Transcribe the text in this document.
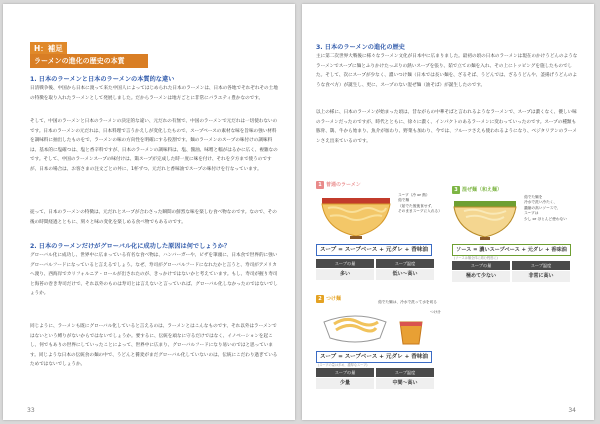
H：補足
ラーメンの進化の歴史の本質
1. 日本のラーメンと日本のラーメンの本質的な違い
日清戦争後、中国から日本に渡って来た中国人によってはじめられた日本のラーメンは、日本の各地でそれぞれその土地の特徴を取り入れたラーメンとして発展しました。だからラーメンは地方ごとに非常にバラエティ豊かなのです。
そして、中国のラーメンと日本のラーメンの決定的な違い、元だれの有無で、中国のラーメンで元だれは一切使わないのです。日本のラーメンの元だれは、日本料理で言うかえしが変化したもので、スープベースの素材な味を旨味の強い材料を調味料に抽出したものをで、ラーメンの味の方向性を明確にする役割です。麺のラーメンのスープの味付けの調味料は、基本的に塩確つは、塩と香辛料ですが、日本のラーメンの調味料は、塩、醤油、味噌と幅がはるかに広く、複雑なのです。そして、中国のラーメンスープの味付けは、鶏スープが完成した時一度に味を付け、それを夕方まで使うのですが、日本の場合は、お客さまの注文ごとの丼に、1杯ずつ、元だれと香味油でスープの味付けを行なっています。
従って、日本のラーメンの特徴は、元だれとスープが合わさった瞬間の鮮烈な味を楽しむ食べ物なのです。なので、その後の時間経過とともに、刻々と味の変化を楽しめる食べ物でもあるのです。
2. 日本のラーメンだけがグローバル化に成功した原因は何でしょうか？
グローバル化に成功し、世界中に広まっている有名な食べ物は、ハンバーガーや、ピザを筆頭に、日本食で世界的に強いグローバルフードになっていると言えるでしょう。なぜ、寿司がグローバルフードになれたかと言うと、寿司がアメリカへ渡り、西海岸でカリフォルニア・ロールが出されたのが、きっかけではないかと考えています。もし、寿司が握り寿司と海苔の巻き寿司だけで、それ以外のものは寿司とは言えないと言っていれば、グローバル化しなかったのではないでしょうか。
同じように、ラーメンも既にグローバル化していると言えるのは、ラーメンとはこんなものです、それ以外はラーメンではないという縛りがないからではないでしょうか。要するに、伝統を頑なに守るだけではなく、イノベーションを起こし、何でもありの世界にしていったことによって、世界中に広まり、グローバルフードになり易いのではと思っています。同じような日本の伝統食の麺の中で、うどんと蕎麦がまだグローバル化していないのは、伝統にこだわり過ぎているためではないでしょうか。
33
3. 日本のラーメンの進化の歴史
主に第二次世界大戦後に様々なラーメン文化が日本中に広まりました。最初の頃の日本のラーメンは現在のかけうどんのようなラーメンでスープに麺とふりかけたっぷりの熱いスープを張り、茹で立ての麺を入れ、その上にトッピングを施したものでした。そして、次にスープが少なく、濃いつけ麺（日本では長い麺を、ざるそば、うどんでは、ざるうどんや、釜揚げうどんのような食べ方）が誕生し、更に、スープのない混ぜ麺（油そば）が誕生したのです。
以上の様に、日本のラーメンが始まった頃は、昔ながらの中華そばと言われるようなラーメンで、スープは濃くなく、優しい味のラーメンだったのですが、時代とともに、徐々に濃く、インパクトのあるラーメンに変わっていったのです。スープの種類も豚骨、鶏、牛から始まり、魚介が加わり、野菜も加わり、今では、フルーツさえも使われるようになり、ベジタリアンのラーメンさえ出来ているのです。
1 普通のラーメン
スープ（冷 or 熱）
茹で麺
（茹でた後後食せず、
そのままスープに入れる）
スープ = スープベース + 元ダレ + 香味油
スープの量	スープ温度
多い	低い〜高い
3 混ぜ麺（和え麺）
茹でた麺を
冷水で洗い冷たく、
濃縮の高いソースで、
スープは
少し or ほとんど使わない
ソース = 濃いスープベース + 元ダレ + 香味油
(ソースは麺全体に絡む程度に)
スープの量	スープ温度
極めて少ない	非常に高い
2 つけ麺	茹でた麺は、冷水で洗って水を切る
つけ汁
スープ = スープベース + 元ダレ + 香味油
(スープの量は多め、濃厚なスープ)
スープの量	スープ温度
少量	中間〜高い
34
